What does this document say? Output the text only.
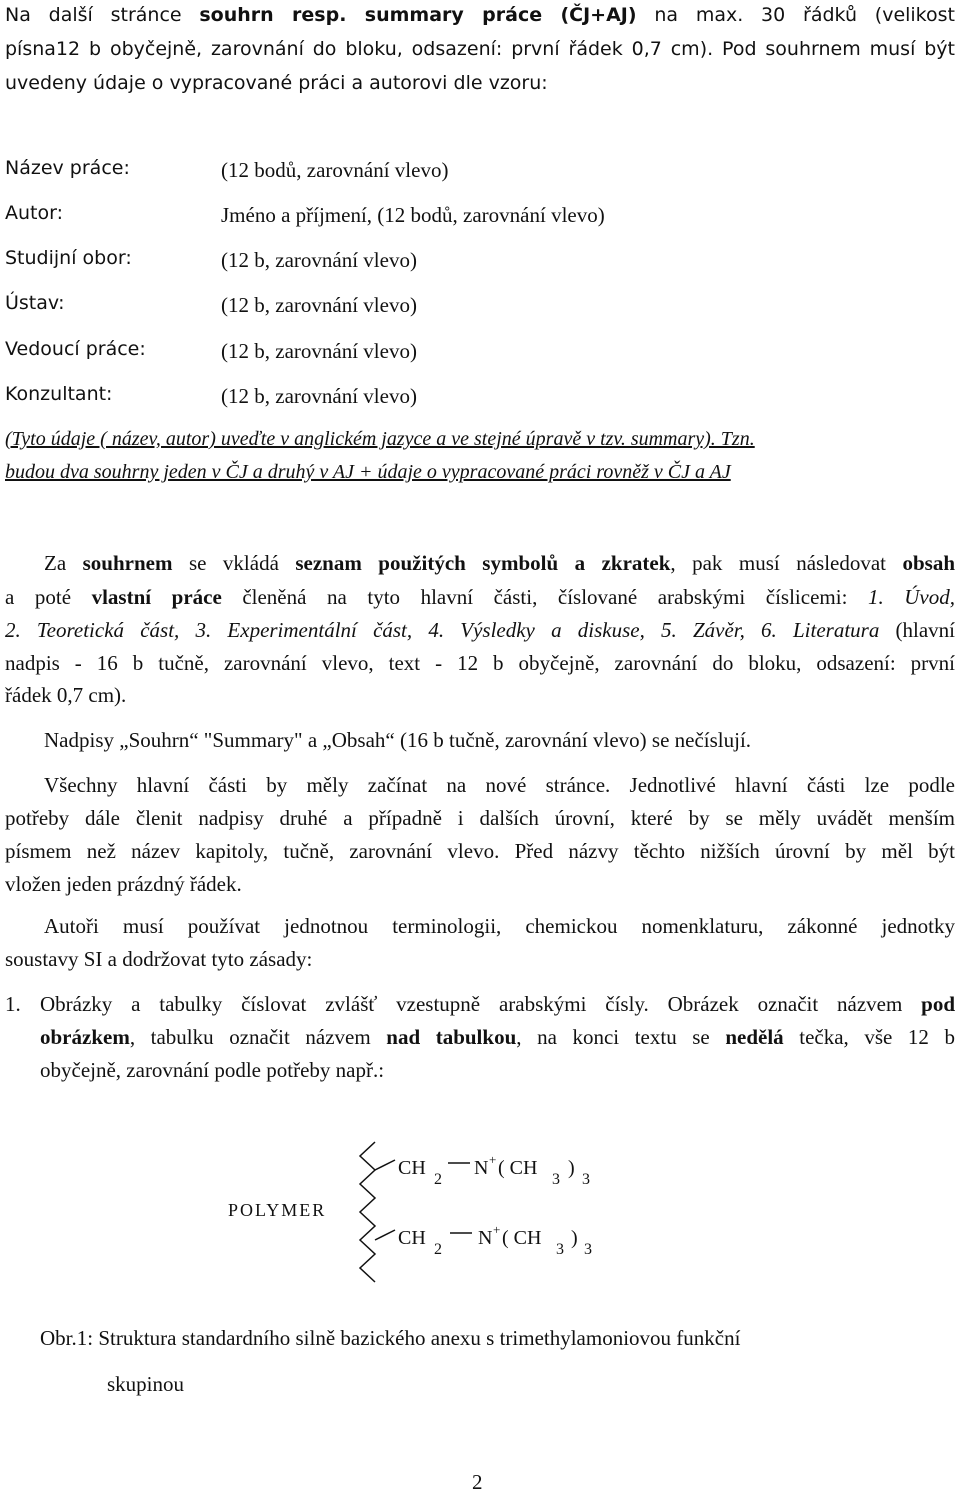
Na další stránce souhrn resp. summary práce (ČJ+AJ) na max. 30 řádků (velikost
písna12 b obyčejně, zarovnání do bloku, odsazení: první řádek 0,7 cm). Pod souhrnem musí být
uvedeny údaje o vypracované práci a autorovi dle vzoru:
Název práce:	(12 bodů, zarovnání vlevo)
Autor:	Jméno a příjmení, (12 bodů, zarovnání vlevo)
Studijní obor:	(12 b, zarovnání vlevo)
Ústav:	(12 b, zarovnání vlevo)
Vedoucí práce:	(12 b, zarovnání vlevo)
Konzultant:	(12 b, zarovnání vlevo)
(Tyto údaje ( název, autor) uveďte v anglickém jazyce a ve stejné úpravě v tzv. summary). Tzn.
budou dva souhrny jeden v ČJ a druhý v AJ + údaje o vypracované práci rovněž v ČJ a AJ
Za souhrnem se vkládá seznam použitých symbolů a zkratek, pak musí následovat obsah
a poté vlastní práce členěná na tyto hlavní části, číslované arabskými číslicemi: 1. Úvod,
2. Teoretická část, 3. Experimentální část, 4. Výsledky a diskuse, 5. Závěr, 6. Literatura (hlavní
nadpis - 16 b tučně, zarovnání vlevo, text - 12 b obyčejně, zarovnání do bloku, odsazení: první
řádek 0,7 cm).
Nadpisy „Souhrn“ "Summary" a „Obsah“ (16 b tučně, zarovnání vlevo) se nečíslují.
Všechny hlavní části by měly začínat na nové stránce. Jednotlivé hlavní části lze podle
potřeby dále členit nadpisy druhé a případně i dalších úrovní, které by se měly uvádět menším
písmem než název kapitoly, tučně, zarovnání vlevo. Před názvy těchto nižších úrovní by měl být
vložen jeden prázdný řádek.
Autoři musí používat jednotnou terminologii, chemickou nomenklaturu, zákonné jednotky
soustavy SI a dodržovat tyto zásady:
1. Obrázky a tabulky číslovat zvlášť vzestupně arabskými čísly. Obrázek označit názvem pod
obrázkem, tabulku označit názvem nad tabulkou, na konci textu se nedělá tečka, vše 12 b
obyčejně, zarovnání podle potřeby např.:
POLYMER
CH
2
N + ( CH
3
)
3
CH
2
N + ( CH
3
)
3
Obr.1: Struktura standardního silně bazického anexu s trimethylamoniovou funkční
skupinou
2
